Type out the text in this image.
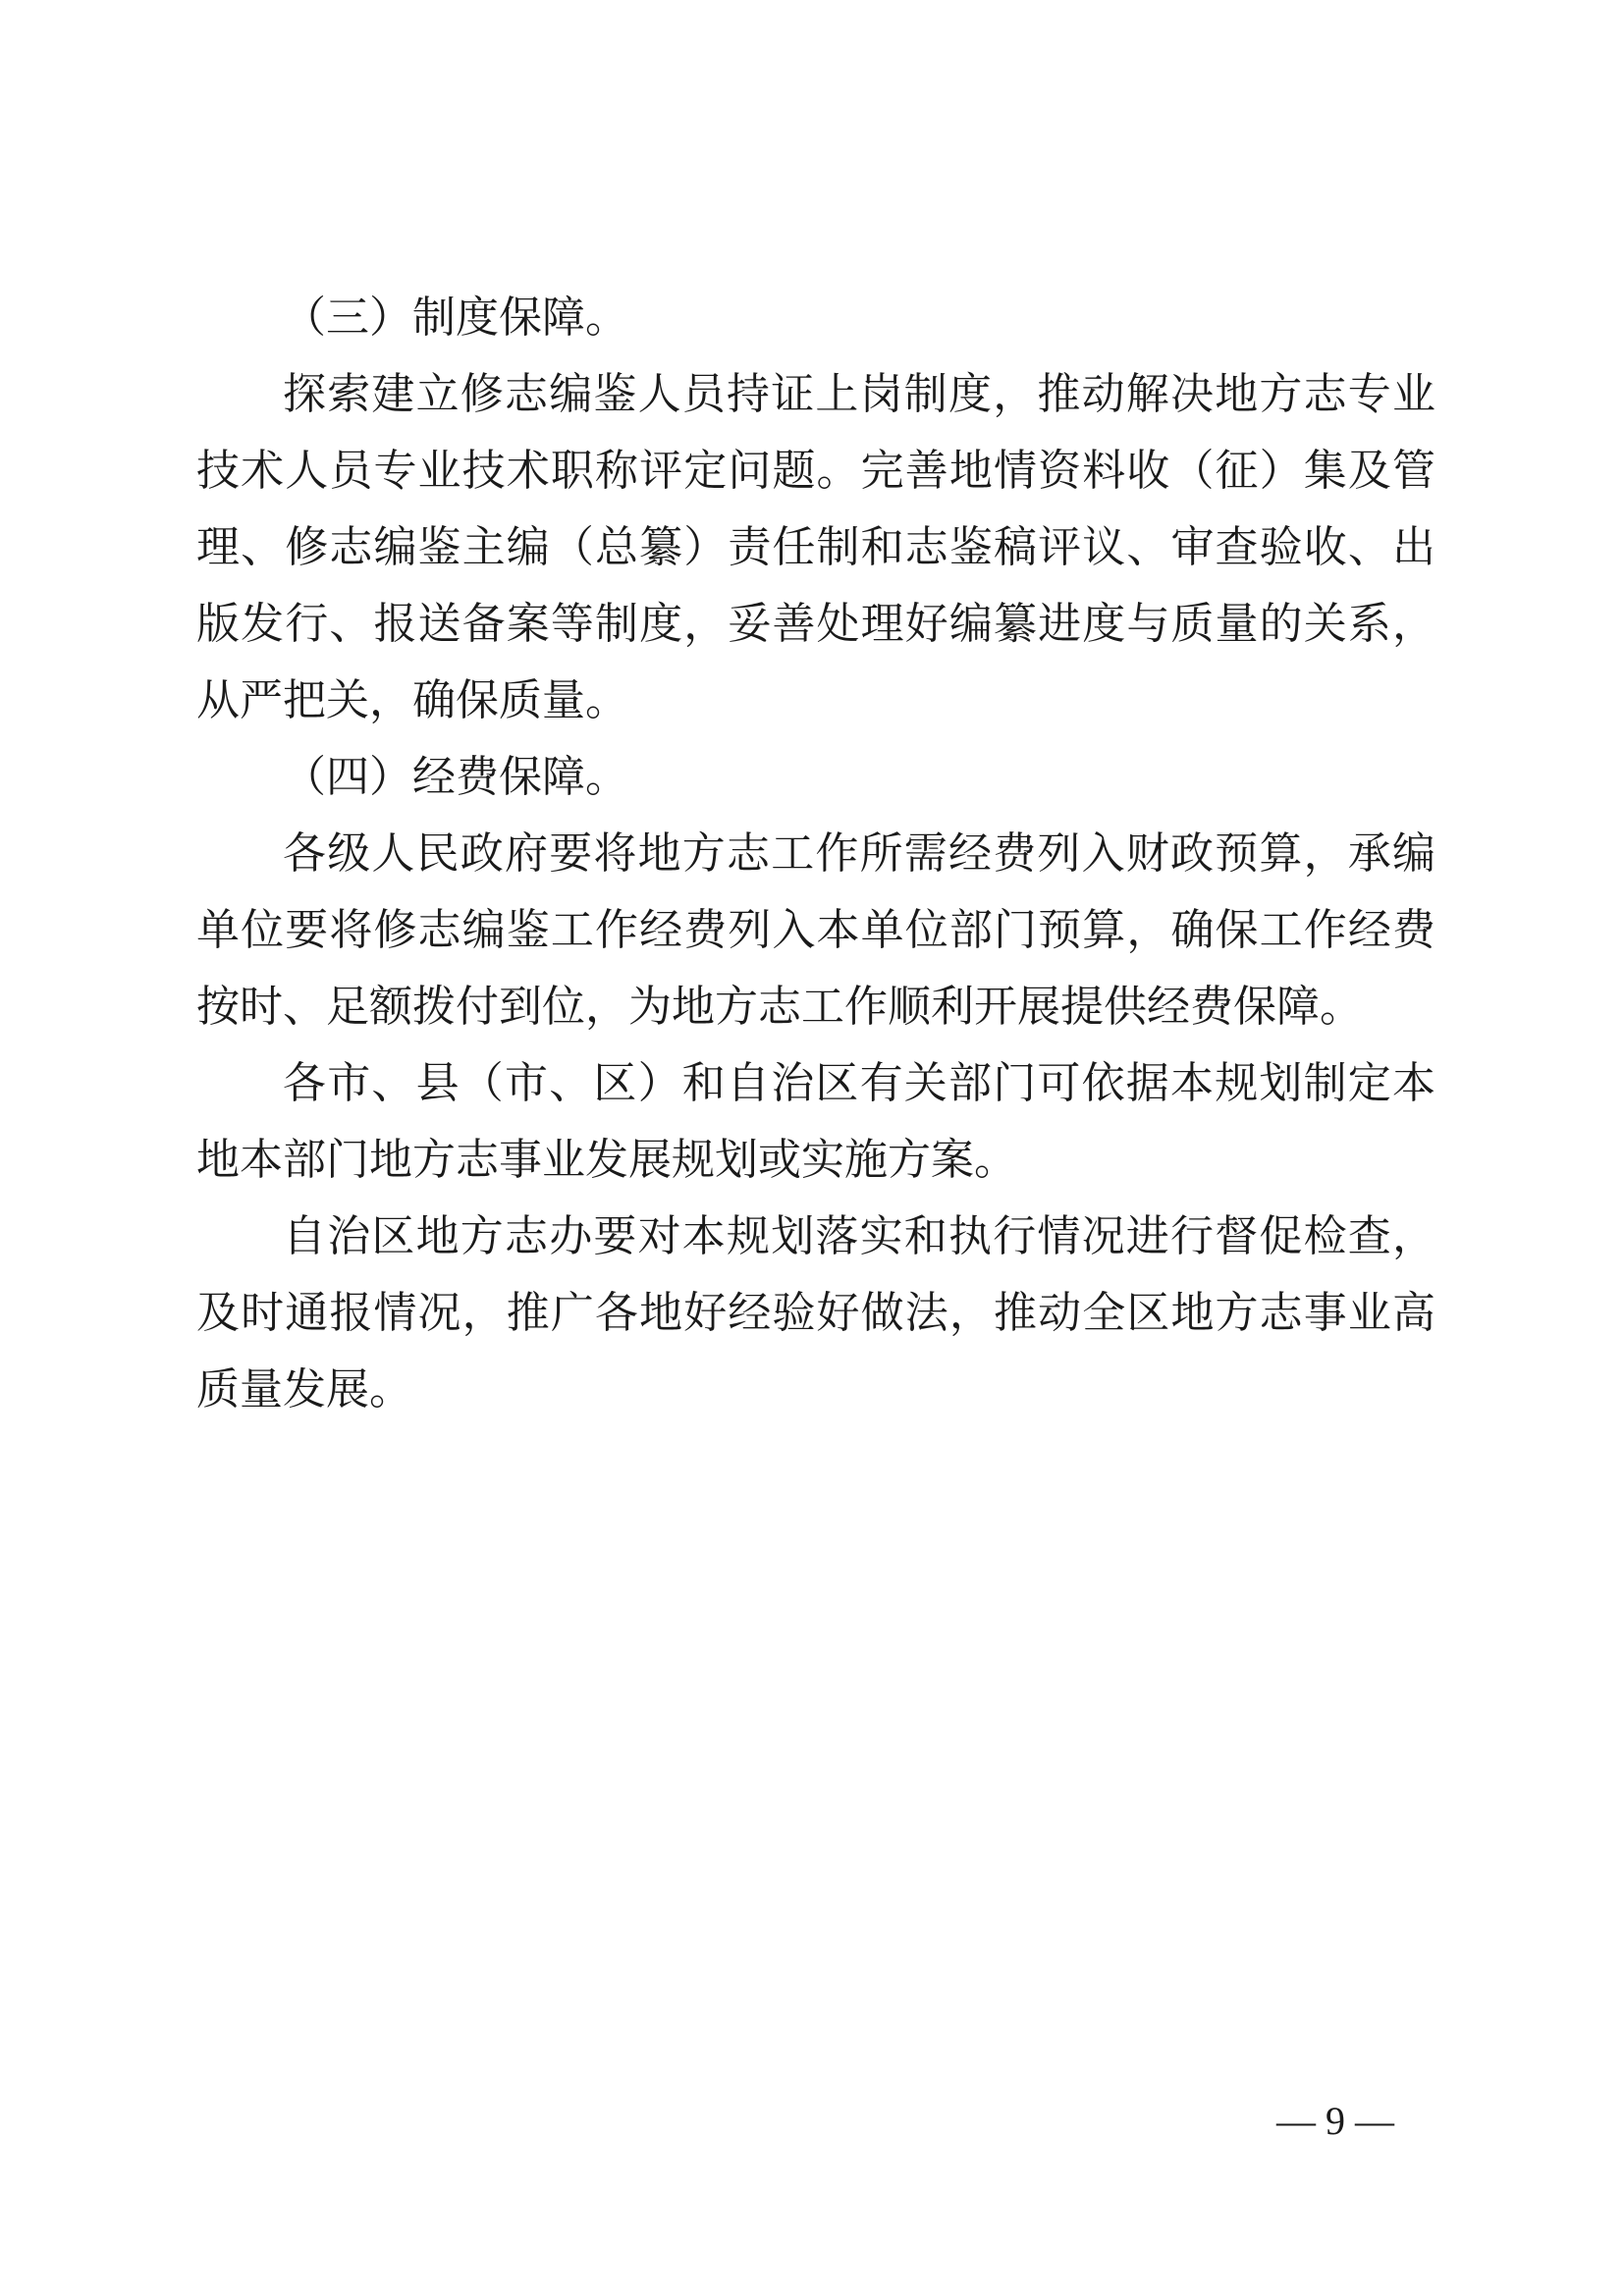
（三）制度保障。
探索建立修志编鉴人员持证上岗制度，推动解决地方志专业
技术人员专业技术职称评定问题。完善地情资料收（征）集及管
理、修志编鉴主编（总纂）责任制和志鉴稿评议、审查验收、出
版发行、报送备案等制度，妥善处理好编纂进度与质量的关系，
从严把关，确保质量。
（四）经费保障。
各级人民政府要将地方志工作所需经费列入财政预算，承编
单位要将修志编鉴工作经费列入本单位部门预算，确保工作经费
按时、足额拨付到位，为地方志工作顺利开展提供经费保障。
各市、县（市、区）和自治区有关部门可依据本规划制定本
地本部门地方志事业发展规划或实施方案。
自治区地方志办要对本规划落实和执行情况进行督促检查，
及时通报情况，推广各地好经验好做法，推动全区地方志事业高
质量发展。
— 9 —
